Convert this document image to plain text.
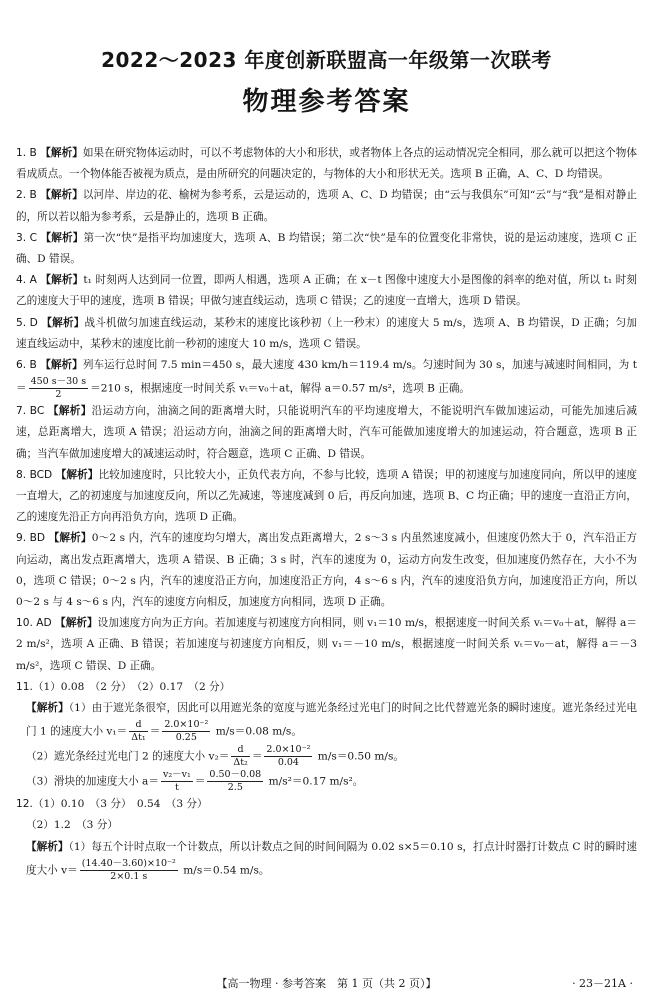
2022～2023 年度创新联盟高一年级第一次联考
物理参考答案

1. B 【解析】如果在研究物体运动时，可以不考虑物体的大小和形状，或者物体上各点的运动情况完全相同，那么就可以把这个物体看成质点。一个物体能否被视为质点，是由所研究的问题决定的，与物体的大小和形状无关。选项 B 正确，A、C、D 均错误。

2. B 【解析】以河岸、岸边的花、榆树为参考系，云是运动的，选项 A、C、D 均错误；由“云与我俱东”可知“云”与“我”是相对静止的，所以若以船为参考系，云是静止的，选项 B 正确。

3. C 【解析】第一次“快”是指平均加速度大，选项 A、B 均错误；第二次“快”是车的位置变化非常快，说的是运动速度，选项 C 正确、D 错误。

4. A 【解析】t₁ 时刻两人达到同一位置，即两人相遇，选项 A 正确；在 x－t 图像中速度大小是图像的斜率的绝对值，所以 t₁ 时刻乙的速度大于甲的速度，选项 B 错误；甲做匀速直线运动，选项 C 错误；乙的速度一直增大，选项 D 错误。

5. D 【解析】战斗机做匀加速直线运动，某秒末的速度比该秒初（上一秒末）的速度大 5 m/s，选项 A、B 均错误，D 正确；匀加速直线运动中，某秒末的速度比前一秒初的速度大 10 m/s，选项 C 错误。

6. B 【解析】列车运行总时间 7.5 min＝450 s，最大速度 430 km/h＝119.4 m/s。匀速时间为 30 s，加速与减速时间相同，为 $t= \frac{450 s-30 s}{2} =210$ s，根据速度一时间关系 vₜ＝v₀＋at，解得 a＝0.57 m/s²，选项 B 正确。

7. BC 【解析】沿运动方向，油滴之间的距离增大时，只能说明汽车的平均速度增大，不能说明汽车做加速运动，可能先加速后减速，总距离增大，选项 A 错误；沿运动方向，油滴之间的距离增大时，汽车可能做加速度增大的加速运动，符合题意，选项 B 正确；当汽车做加速度增大的减速运动时，符合题意，选项 C 正确、D 错误。

8. BCD 【解析】比较加速度时，只比较大小，正负代表方向，不参与比较，选项 A 错误；甲的初速度与加速度同向，所以甲的速度一直增大，乙的初速度与加速度反向，所以乙先减速，等速度减到 0 后，再反向加速，选项 B、C 均正确；甲的速度一直沿正方向，乙的速度先沿正方向再沿负方向，选项 D 正确。

9. BD 【解析】0～2 s 内，汽车的速度均匀增大，离出发点距离增大，2 s～3 s 内虽然速度减小，但速度仍然大于 0，汽车沿正方向运动，离出发点距离增大，选项 A 错误、B 正确；3 s 时，汽车的速度为 0，运动方向发生改变，但加速度仍然存在，大小不为 0，选项 C 错误；0～2 s 内，汽车的速度沿正方向，加速度沿正方向，4 s～6 s 内，汽车的速度沿负方向，加速度沿正方向，所以 0～2 s 与 4 s～6 s 内，汽车的速度方向相反，加速度方向相同，选项 D 正确。

10. AD 【解析】设加速度方向为正方向。若加速度与初速度方向相同，则 v₁＝10 m/s，根据速度一时间关系 vₜ＝v₀＋at，解得 a＝2 m/s²，选项 A 正确、B 错误；若加速度与初速度方向相反，则 v₁＝－10 m/s，根据速度一时间关系 vₜ＝v₀－at，解得 a＝－3 m/s²，选项 C 错误、D 正确。

11.（1）0.08　（2 分）　（2）0.17　（2 分）

【解析】（1）由于遮光条很窄，因此可以用遮光条的宽度与遮光条经过光电门的时间之比代替遮光条的瞬时速度。遮光条经过光电门 1 的速度大小 $v_1= \frac{d}{\text{Δt₁}} = \frac{\text{2.0×10⁻²}}{0.25} m/s=0.08$ m/s。

（2）遮光条经过光电门 2 的速度大小 $v_2= \frac{d}{\text{Δt₂}} = \frac{\text{2.0×10⁻²}}{0.04} m/s=0.50$ m/s。

（3）滑块的加速度大小 $a= \frac{\text{v₂－v₁}}{t} = \frac{0.50-0.08}{2.5} m/s^2=0.17$ m/s²。

12.（1）0.10　（3 分）　0.54　（3 分）

（2）1.2　（3 分）

【解析】（1）每五个计时点取一个计数点，所以计数点之间的时间间隔为 0.02 s×5＝0.10 s，打点计时器打计数点 C 时的瞬时速度大小 $v= \frac{\text{(14.40－3.60)×10⁻²}}{2\times 0.1 s} m/s=0.54$ m/s。

【高一物理 · 参考答案　第 1 页（共 2 页）】	· 23－21A ·
